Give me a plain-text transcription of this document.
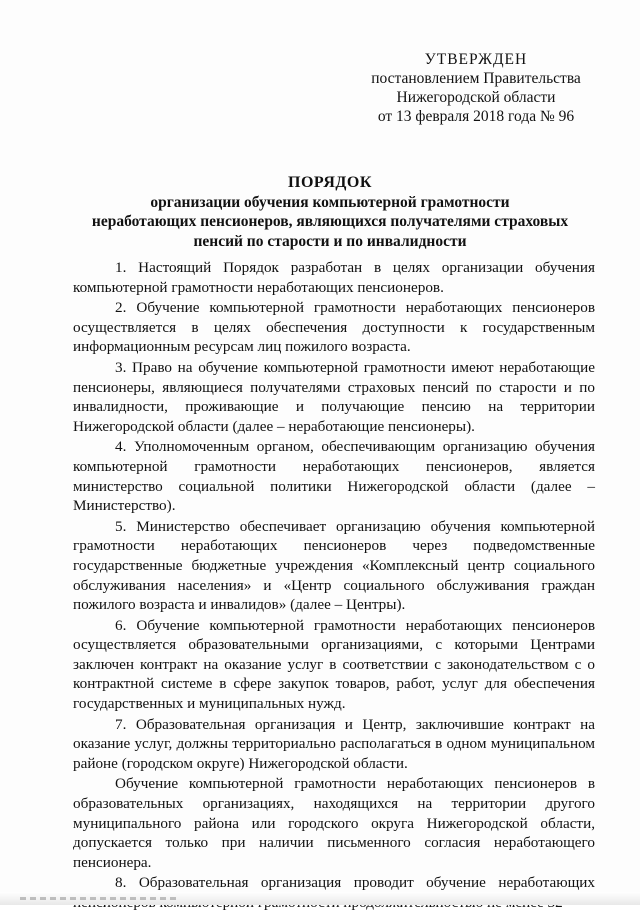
УТВЕРЖДЕН
постановлением Правительства
Нижегородской области
от 13 февраля 2018 года № 96
ПОРЯДОК
организации обучения компьютерной грамотности
неработающих пенсионеров, являющихся получателями страховых
пенсий по старости и по инвалидности

1. Настоящий Порядок разработан в целях организации обучения компьютерной грамотности неработающих пенсионеров.

2. Обучение компьютерной грамотности неработающих пенсионеров осуществляется в целях обеспечения доступности к государственным информационным ресурсам лиц пожилого возраста.

3. Право на обучение компьютерной грамотности имеют неработающие пенсионеры, являющиеся получателями страховых пенсий по старости и по инвалидности, проживающие и получающие пенсию на территории Нижегородской области (далее – неработающие пенсионеры).

4. Уполномоченным органом, обеспечивающим организацию обучения компьютерной грамотности неработающих пенсионеров, является министерство социальной политики Нижегородской области (далее – Министерство).

5. Министерство обеспечивает организацию обучения компьютерной грамотности неработающих пенсионеров через подведомственные государственные бюджетные учреждения «Комплексный центр социального обслуживания населения» и «Центр социального обслуживания граждан пожилого возраста и инвалидов» (далее – Центры).

6. Обучение компьютерной грамотности неработающих пенсионеров осуществляется образовательными организациями, с которыми Центрами заключен контракт на оказание услуг в соответствии с законодательством с о контрактной системе в сфере закупок товаров, работ, услуг для обеспечения государственных и муниципальных нужд.

7. Образовательная организация и Центр, заключившие контракт на оказание услуг, должны территориально располагаться в одном муниципальном районе (городском округе) Нижегородской области.

Обучение компьютерной грамотности неработающих пенсионеров в образовательных организациях, находящихся на территории другого муниципального района или городского округа Нижегородской области, допускается только при наличии письменного согласия неработающего пенсионера.

8. Образовательная организация проводит обучение неработающих
